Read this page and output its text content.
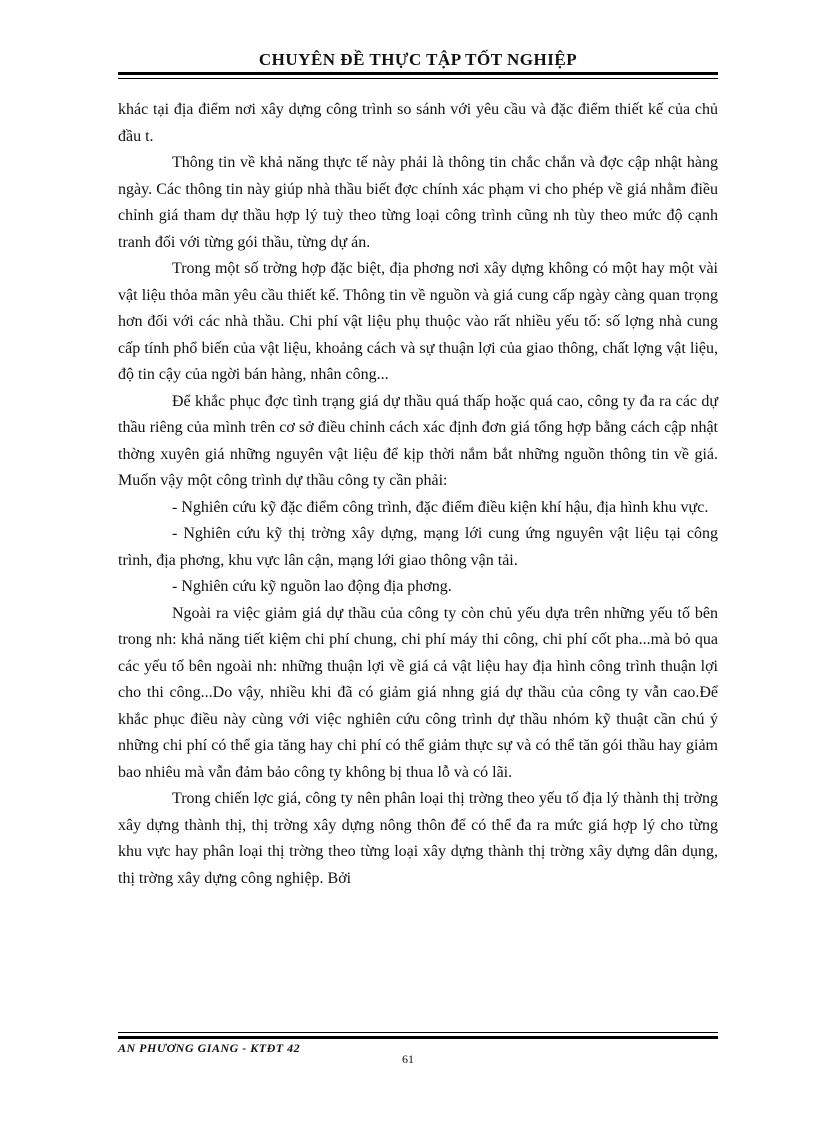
CHUYÊN ĐỀ THỰC TẬP TỐT NGHIỆP

khác tại địa điểm nơi xây dựng công trình so sánh với yêu cầu và đặc điểm thiết kế của chủ đầu t.

Thông tin về khả năng thực tế này phải là thông tin chắc chắn và đợc cập nhật hàng ngày. Các thông tin này giúp nhà thầu biết đợc chính xác phạm vi cho phép về giá nhằm điều chỉnh giá tham dự thầu hợp lý tuỳ theo từng loại công trình cũng nh tùy theo mức độ cạnh tranh đối với từng gói thầu, từng dự án.

Trong một số trờng hợp đặc biệt, địa phơng nơi xây dựng không có một hay một vài vật liệu thỏa mãn yêu cầu thiết kế. Thông tin về nguồn và giá cung cấp ngày càng quan trọng hơn đối với các nhà thầu. Chi phí vật liệu phụ thuộc vào rất nhiều yếu tố: số lợng nhà cung cấp tính phổ biến của vật liệu, khoảng cách và sự thuận lợi của giao thông, chất lợng vật liệu, độ tin cậy của ngời bán hàng, nhân công...

Để khắc phục đợc tình trạng giá dự thầu quá thấp hoặc quá cao, công ty đa ra các dự thầu riêng của mình trên cơ sở điều chỉnh cách xác định đơn giá tổng hợp bằng cách cập nhật thờng xuyên giá những nguyên vật liệu để kịp thời nắm bắt những nguồn thông tin về giá. Muốn vậy một công trình dự thầu công ty cần phải:

- Nghiên cứu kỹ đặc điểm công trình, đặc điểm điều kiện khí hậu, địa hình khu vực.

- Nghiên cứu kỹ thị trờng xây dựng, mạng lới cung ứng nguyên vật liệu tại công trình, địa phơng, khu vực lân cận, mạng lới giao thông vận tải.

- Nghiên cứu kỹ nguồn lao động địa phơng.

Ngoài ra việc giảm giá dự thầu của công ty còn chủ yếu dựa trên những yếu tố bên trong nh: khả năng tiết kiệm chi phí chung, chi phí máy thi công, chi phí cốt pha...mà bỏ qua các yếu tố bên ngoài nh: những thuận lợi về giá cả vật liệu hay địa hình công trình thuận lợi cho thi công...Do vậy, nhiều khi đã có giảm giá nhng giá dự thầu của công ty vẫn cao.Để khắc phục điều này cùng với việc nghiên cứu công trình dự thầu nhóm kỹ thuật cần chú ý những chi phí có thể gia tăng hay chi phí có thể giảm thực sự và có thể tăn gói thầu hay giảm bao nhiêu mà vẫn đảm bảo công ty không bị thua lỗ và có lãi.

Trong chiến lợc giá, công ty nên phân loại thị trờng theo yếu tố địa lý thành thị trờng xây dựng thành thị, thị trờng xây dựng nông thôn để có thể đa ra mức giá hợp lý cho từng khu vực hay phân loại thị trờng theo từng loại xây dựng thành thị trờng xây dựng dân dụng, thị trờng xây dựng công nghiệp. Bởi

AN PHƯƠNG GIANG - KTĐT 42
61
